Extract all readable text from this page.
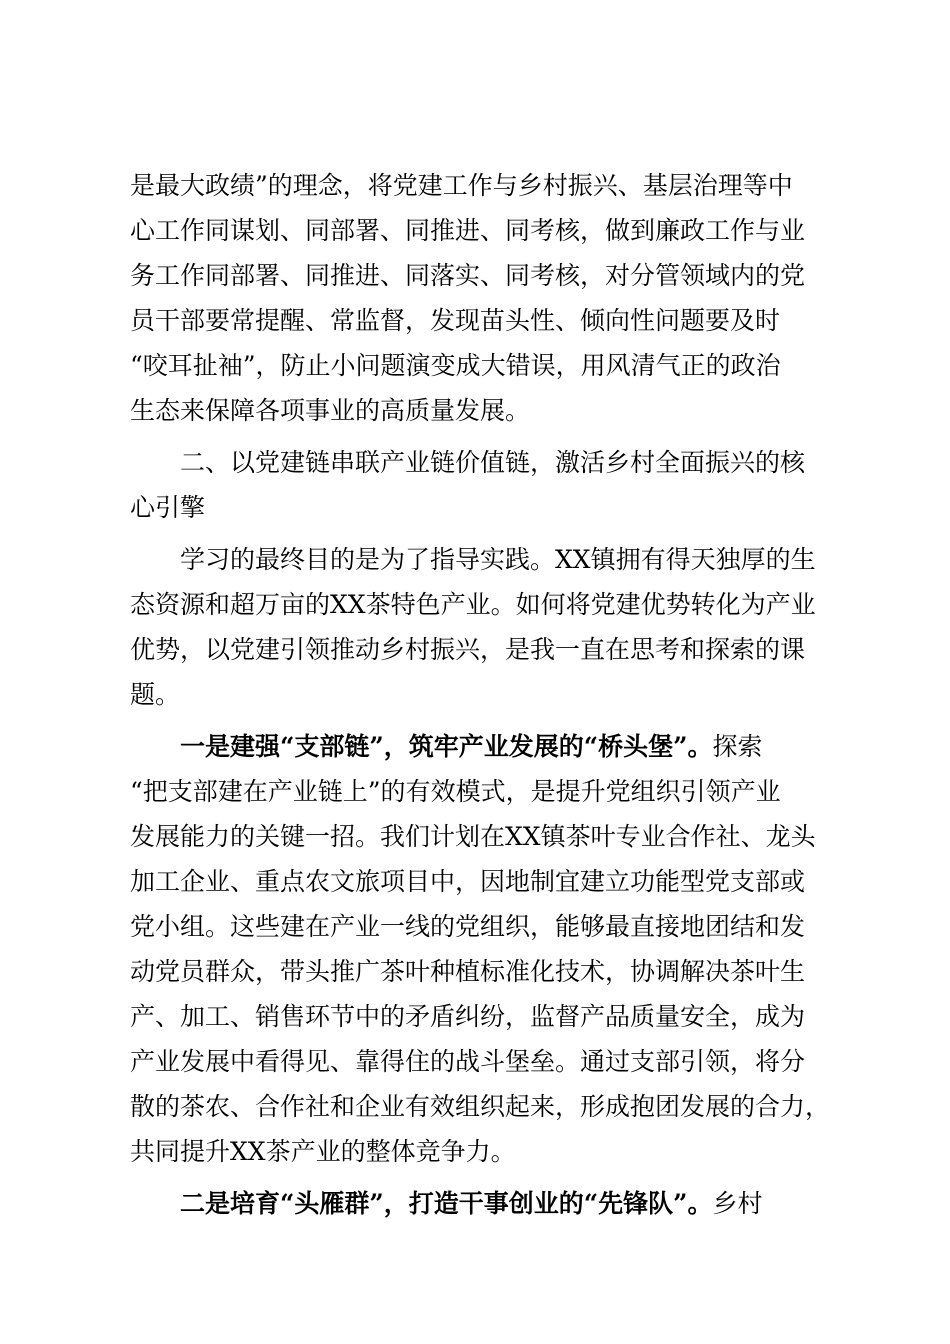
是最大政绩”的理念，将党建工作与乡村振兴、基层治理等中
心工作同谋划、同部署、同推进、同考核，做到廉政工作与业
务工作同部署、同推进、同落实、同考核，对分管领域内的党
员干部要常提醒、常监督，发现苗头性、倾向性问题要及时
“咬耳扯袖”，防止小问题演变成大错误，用风清气正的政治
生态来保障各项事业的高质量发展。
二、以党建链串联产业链价值链，激活乡村全面振兴的核
心引擎
学习的最终目的是为了指导实践。XX镇拥有得天独厚的生
态资源和超万亩的XX茶特色产业。如何将党建优势转化为产业
优势，以党建引领推动乡村振兴，是我一直在思考和探索的课
题。
一是建强“支部链”，筑牢产业发展的“桥头堡”。探索
“把支部建在产业链上”的有效模式，是提升党组织引领产业
发展能力的关键一招。我们计划在XX镇茶叶专业合作社、龙头
加工企业、重点农文旅项目中，因地制宜建立功能型党支部或
党小组。这些建在产业一线的党组织，能够最直接地团结和发
动党员群众，带头推广茶叶种植标准化技术，协调解决茶叶生
产、加工、销售环节中的矛盾纠纷，监督产品质量安全，成为
产业发展中看得见、靠得住的战斗堡垒。通过支部引领，将分
散的茶农、合作社和企业有效组织起来，形成抱团发展的合力，
共同提升XX茶产业的整体竞争力。
二是培育“头雁群”，打造干事创业的“先锋队”。乡村
